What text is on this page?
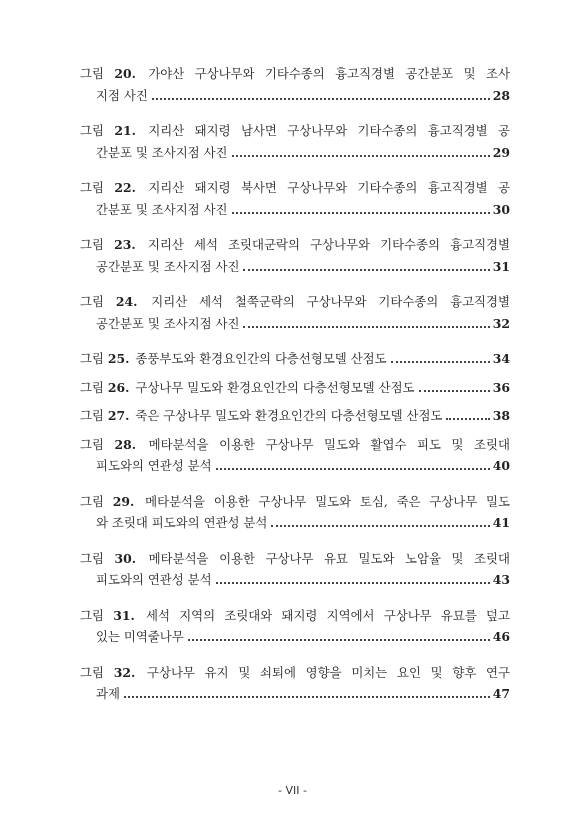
그림 20. 가야산 구상나무와 기타수종의 흉고직경별 공간분포 및 조사
지점 사진	28
그림 21. 지리산 돼지령 남사면 구상나무와 기타수종의 흉고직경별 공
간분포 및 조사지점 사진	29
그림 22. 지리산 돼지령 북사면 구상나무와 기타수종의 흉고직경별 공
간분포 및 조사지점 사진	30
그림 23. 지리산 세석 조릿대군락의 구상나무와 기타수종의 흉고직경별
공간분포 및 조사지점 사진	31
그림 24. 지리산 세석 철쭉군락의 구상나무와 기타수종의 흉고직경별
공간분포 및 조사지점 사진	32
그림 25. 종풍부도와 환경요인간의 다층선형모델 산점도	34
그림 26. 구상나무 밀도와 환경요인간의 다층선형모델 산점도	36
그림 27. 죽은 구상나무 밀도와 환경요인간의 다층선형모델 산점도	38
그림 28. 메타분석을 이용한 구상나무 밀도와 활엽수 피도 및 조릿대
피도와의 연관성 분석	40
그림 29. 메타분석을 이용한 구상나무 밀도와 토심, 죽은 구상나무 밀도
와 조릿대 피도와의 연관성 분석	41
그림 30. 메타분석을 이용한 구상나무 유묘 밀도와 노암율 및 조릿대
피도와의 연관성 분석	43
그림 31. 세석 지역의 조릿대와 돼지령 지역에서 구상나무 유묘를 덮고
있는 미역줄나무	46
그림 32. 구상나무 유지 및 쇠퇴에 영향을 미치는 요인 및 향후 연구
과제	47
- VII -
